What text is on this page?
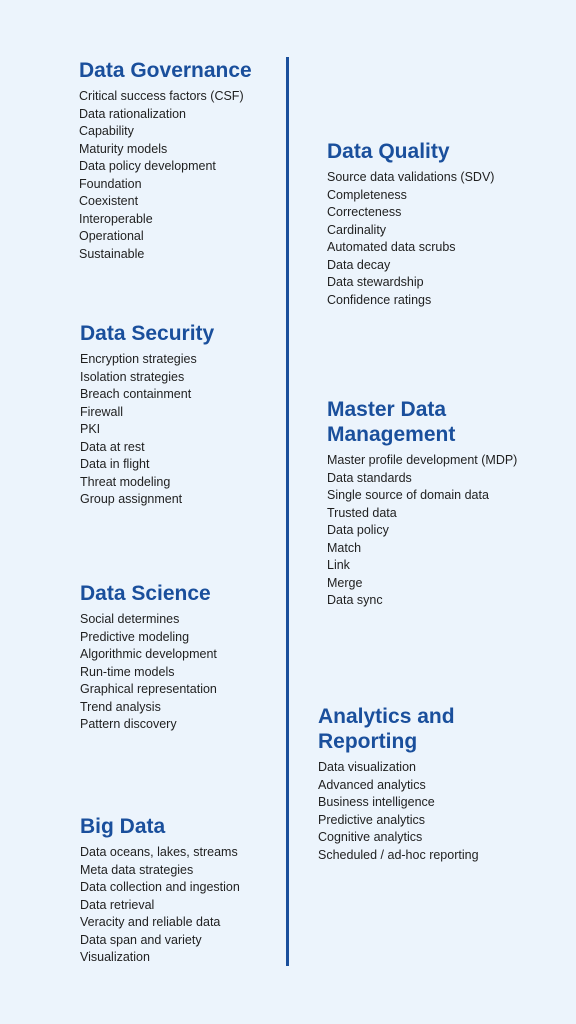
Data Governance
Critical success factors (CSF)
Data rationalization
Capability
Maturity models
Data policy development
Foundation
Coexistent
Interoperable
Operational
Sustainable
Data Security
Encryption strategies
Isolation strategies
Breach containment
Firewall
PKI
Data at rest
Data in flight
Threat modeling
Group assignment
Data Science
Social determines
Predictive modeling
Algorithmic development
Run-time models
Graphical representation
Trend analysis
Pattern discovery
Big Data
Data oceans, lakes, streams
Meta data strategies
Data collection and ingestion
Data retrieval
Veracity and reliable data
Data span and variety
Visualization
Data Quality
Source data validations (SDV)
Completeness
Correcteness
Cardinality
Automated data scrubs
Data decay
Data stewardship
Confidence ratings
Master Data Management
Master profile development (MDP)
Data standards
Single source of domain data
Trusted data
Data policy
Match
Link
Merge
Data sync
Analytics and Reporting
Data visualization
Advanced analytics
Business intelligence
Predictive analytics
Cognitive analytics
Scheduled / ad-hoc reporting
